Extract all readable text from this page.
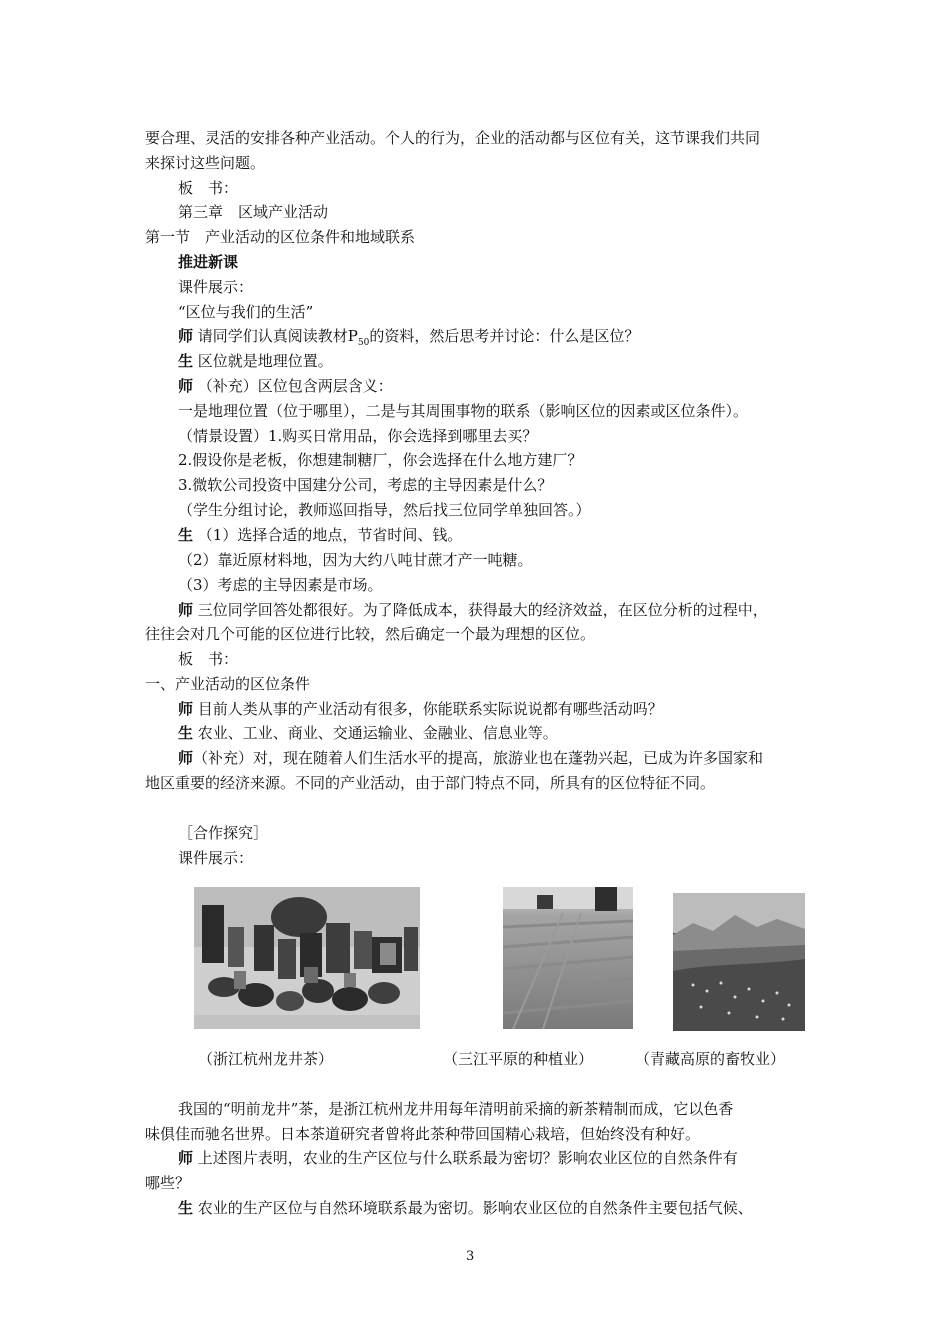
要合理、灵活的安排各种产业活动。个人的行为，企业的活动都与区位有关，这节课我们共同
来探讨这些问题。
板　书：
第三章　区域产业活动
第一节　产业活动的区位条件和地域联系
推进新课
课件展示：
“区位与我们的生活”
师 请同学们认真阅读教材$P_{50}$的资料，然后思考并讨论：什么是区位？
生 区位就是地理位置。
师 （补充）区位包含两层含义：
一是地理位置（位于哪里），二是与其周围事物的联系（影响区位的因素或区位条件）。
（情景设置）1.购买日常用品，你会选择到哪里去买？
2.假设你是老板，你想建制糖厂，你会选择在什么地方建厂？
3.微软公司投资中国建分公司，考虑的主导因素是什么？
（学生分组讨论，教师巡回指导，然后找三位同学单独回答。）
生 （1）选择合适的地点，节省时间、钱。
（2）靠近原材料地，因为大约八吨甘蔗才产一吨糖。
（3）考虑的主导因素是市场。
师 三位同学回答处都很好。为了降低成本，获得最大的经济效益，在区位分析的过程中，
往往会对几个可能的区位进行比较，然后确定一个最为理想的区位。
板　书：
一、产业活动的区位条件
师 目前人类从事的产业活动有很多，你能联系实际说说都有哪些活动吗？
生 农业、工业、商业、交通运输业、金融业、信息业等。
师（补充）对，现在随着人们生活水平的提高，旅游业也在蓬勃兴起，已成为许多国家和
地区重要的经济来源。不同的产业活动，由于部门特点不同，所具有的区位特征不同。
［合作探究］
课件展示：
（浙江杭州龙井茶）	（三江平原的种植业）	（青藏高原的畜牧业）
我国的“明前龙井”茶，是浙江杭州龙井用每年清明前采摘的新茶精制而成，它以色香
味俱佳而驰名世界。日本茶道研究者曾将此茶种带回国精心栽培，但始终没有种好。
师 上述图片表明，农业的生产区位与什么联系最为密切？影响农业区位的自然条件有
哪些？
生 农业的生产区位与自然环境联系最为密切。影响农业区位的自然条件主要包括气候、
3
